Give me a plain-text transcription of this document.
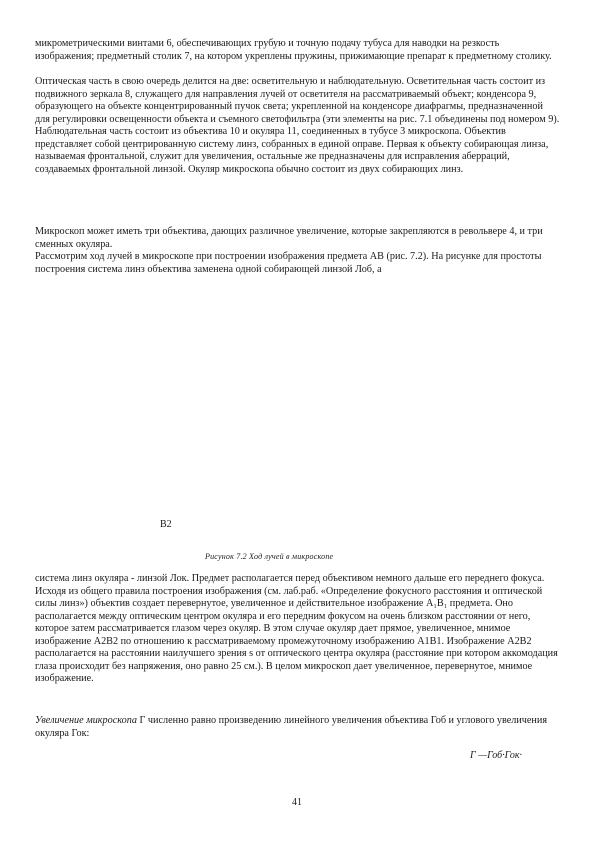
микрометрическими винтами 6, обеспечивающих грубую и точную подачу тубуса для наводки на резкость изображения; предметный столик 7, на котором укреплены пружины, прижимающие препарат к предметному столику.

Оптическая часть в свою очередь делится на две: осветительную и наблюдательную. Осветительная часть состоит из подвижного зеркала 8, служащего для направления лучей от осветителя на рассматриваемый объект; конденсора 9, образующего на объекте концентрированный пучок света; укрепленной на конденсоре диафрагмы, предназначенной для регулировки освещенности объекта и съемного светофильтра (эти элементы на рис. 7.1 объединены под номером 9). Наблюдательная часть состоит из объектива 10 и окуляра 11, соединенных в тубусе 3 микроскопа. Объектив представляет собой центрированную систему линз, собранных в единой оправе. Первая к объекту собирающая линза, называемая фронтальной, служит для увеличения, остальные же предназначены для исправления аберраций, создаваемых фронтальной линзой. Окуляр микроскопа обычно состоит из двух собирающих линз.

Микроскоп может иметь три объектива, дающих различное увеличение, которые закрепляются в револьвере 4, и три сменных окуляра.

Рассмотрим ход лучей в микроскопе при построении изображения предмета АВ (рис. 7.2). На рисунке для простоты построения система линз объектива заменена одной собирающей линзой Лоб, а

В2
Рисунок 7.2 Ход лучей в микроскопе

система линз окуляра - линзой Лок. Предмет располагается перед объективом немного дальше его переднего фокуса. Исходя из общего правила построения изображения (см. лаб.раб. «Определение фокусного расстояния и оптической силы линз») объектив создает перевернутое, увеличенное и действительное изображение А₁В₁ предмета. Оно располагается между оптическим центром окуляра и его передним фокусом на очень близком расстоянии от него, которое затем рассматривается глазом через окуляр. В этом случае окуляр дает прямое, увеличенное, мнимое изображение А2В2 по отношению к рассматриваемому промежуточному изображению А1В1. Изображение А2В2 располагается на расстоянии наилучшего зрения s от оптического центра окуляра (расстояние при котором аккомодация глаза происходит без напряжения, оно равно 25 см.). В целом микроскоп дает увеличенное, перевернутое, мнимое изображение.

Увеличение микроскопа Г численно равно произведению линейного увеличения объектива Гоб и углового увеличения окуляра Гок:

Г —Гоб·Гок·
41
